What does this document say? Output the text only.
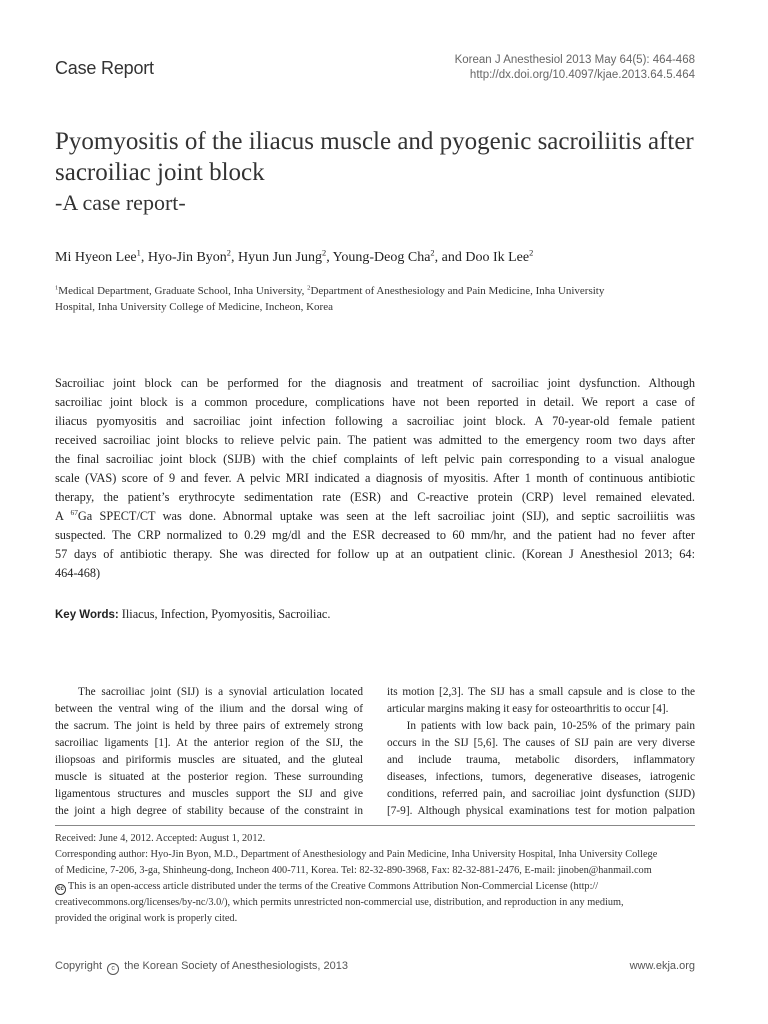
Case Report	Korean J Anesthesiol 2013 May 64(5): 464-468
http://dx.doi.org/10.4097/kjae.2013.64.5.464
Pyomyositis of the iliacus muscle and pyogenic sacroiliitis after sacroiliac joint block
-A case report-
Mi Hyeon Lee$^1$, Hyo-Jin Byon$^2$, Hyun Jun Jung$^2$, Young-Deog Cha$^2$, and Doo Ik Lee$^2$
$^1$Medical Department, Graduate School, Inha University, $^2$Department of Anesthesiology and Pain Medicine, Inha University
Hospital, Inha University College of Medicine, Incheon, Korea
Sacroiliac joint block can be performed for the diagnosis and treatment of sacroiliac joint dysfunction. Although
sacroiliac joint block is a common procedure, complications have not been reported in detail. We report a case of
iliacus pyomyositis and sacroiliac joint infection following a sacroiliac joint block. A 70-year-old female patient
received sacroiliac joint blocks to relieve pelvic pain. The patient was admitted to the emergency room two days after
the final sacroiliac joint block (SIJB) with the chief complaints of left pelvic pain corresponding to a visual analogue
scale (VAS) score of 9 and fever. A pelvic MRI indicated a diagnosis of myositis. After 1 month of continuous antibiotic
therapy, the patient’s erythrocyte sedimentation rate (ESR) and C-reactive protein (CRP) level remained elevated.
A $^{67}$Ga SPECT/CT was done. Abnormal uptake was seen at the left sacroiliac joint (SIJ), and septic sacroiliitis was
suspected. The CRP normalized to 0.29 mg/dl and the ESR decreased to 60 mm/hr, and the patient had no fever after
57 days of antibiotic therapy. She was directed for follow up at an outpatient clinic. (Korean J Anesthesiol 2013; 64:
464-468)
Key Words: Iliacus, Infection, Pyomyositis, Sacroiliac.
The sacroiliac joint (SIJ) is a synovial articulation located
between the ventral wing of the ilium and the dorsal wing of
the sacrum. The joint is held by three pairs of extremely strong
sacroiliac ligaments [1]. At the anterior region of the SIJ, the
iliopsoas and piriformis muscles are situated, and the gluteal
muscle is situated at the posterior region. These surrounding
ligamentous structures and muscles support the SIJ and give
the joint a high degree of stability because of the constraint in
its motion [2,3]. The SIJ has a small capsule and is close to the
articular margins making it easy for osteoarthritis to occur [4].
In patients with low back pain, 10-25% of the primary pain
occurs in the SIJ [5,6]. The causes of SIJ pain are very diverse
and include trauma, metabolic disorders, inflammatory
diseases, infections, tumors, degenerative diseases, iatrogenic
conditions, referred pain, and sacroiliac joint dysfunction (SIJD)
[7-9]. Although physical examinations test for motion palpation
Received: June 4, 2012. Accepted: August 1, 2012.
Corresponding author: Hyo-Jin Byon, M.D., Department of Anesthesiology and Pain Medicine, Inha University Hospital, Inha University College
of Medicine, 7-206, 3-ga, Shinheung-dong, Incheon 400-711, Korea. Tel: 82-32-890-3968, Fax: 82-32-881-2476, E-mail: jinoben@hanmail.com
cc This is an open-access article distributed under the terms of the Creative Commons Attribution Non-Commercial License (http://
creativecommons.org/licenses/by-nc/3.0/), which permits unrestricted non-commercial use, distribution, and reproduction in any medium,
provided the original work is properly cited.
Copyright c the Korean Society of Anesthesiologists, 2013	www.ekja.org
